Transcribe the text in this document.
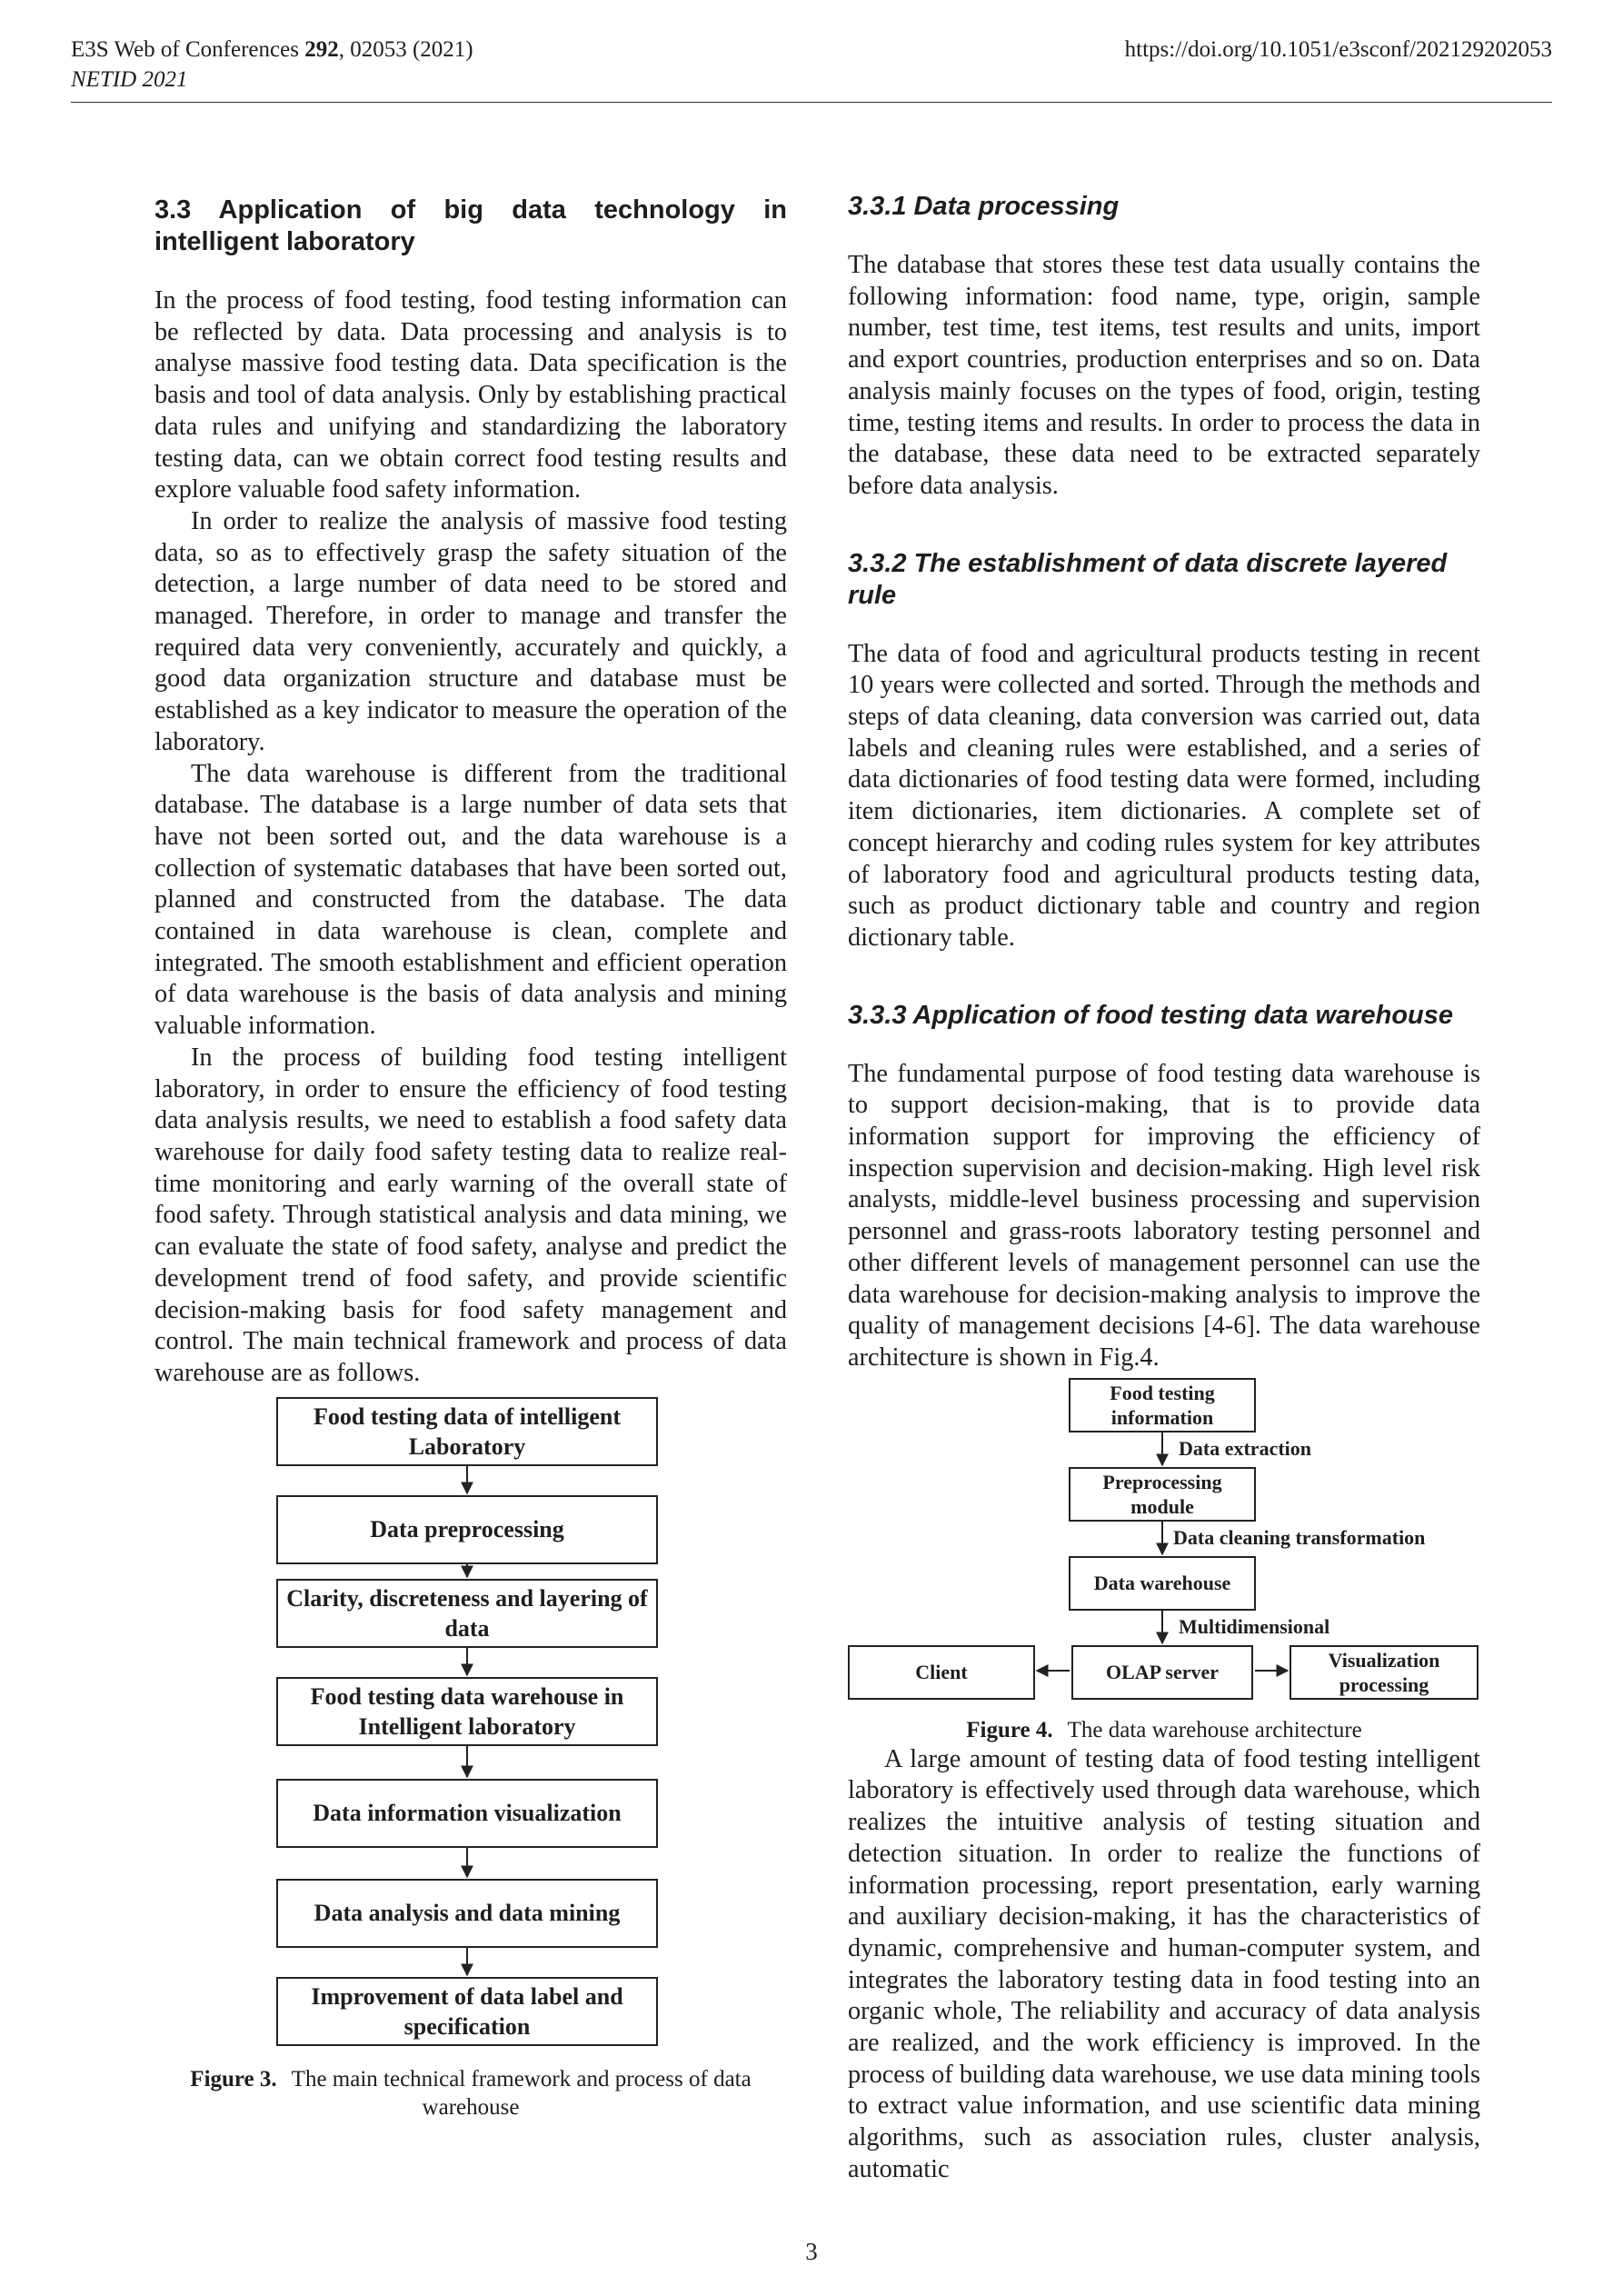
E3S Web of Conferences 292, 02053 (2021)
NETID 2021
https://doi.org/10.1051/e3sconf/202129202053
3.3 Application of big data technology in intelligent laboratory

In the process of food testing, food testing information can be reflected by data. Data processing and analysis is to analyse massive food testing data. Data specification is the basis and tool of data analysis. Only by establishing practical data rules and unifying and standardizing the laboratory testing data, can we obtain correct food testing results and explore valuable food safety information.

In order to realize the analysis of massive food testing data, so as to effectively grasp the safety situation of the detection, a large number of data need to be stored and managed. Therefore, in order to manage and transfer the required data very conveniently, accurately and quickly, a good data organization structure and database must be established as a key indicator to measure the operation of the laboratory.

The data warehouse is different from the traditional database. The database is a large number of data sets that have not been sorted out, and the data warehouse is a collection of systematic databases that have been sorted out, planned and constructed from the database. The data contained in data warehouse is clean, complete and integrated. The smooth establishment and efficient operation of data warehouse is the basis of data analysis and mining valuable information.

In the process of building food testing intelligent laboratory, in order to ensure the efficiency of food testing data analysis results, we need to establish a food safety data warehouse for daily food safety testing data to realize real-time monitoring and early warning of the overall state of food safety. Through statistical analysis and data mining, we can evaluate the state of food safety, analyse and predict the development trend of food safety, and provide scientific decision-making basis for food safety management and control. The main technical framework and process of data warehouse are as follows.

Food testing data of intelligent Laboratory
Data preprocessing
Clarity, discreteness and layering of data
Food testing data warehouse in Intelligent laboratory
Data information visualization
Data analysis and data mining
Improvement of data label and specification

Figure 3. The main technical framework and process of data warehouse

3.3.1 Data processing

The database that stores these test data usually contains the following information: food name, type, origin, sample number, test time, test items, test results and units, import and export countries, production enterprises and so on. Data analysis mainly focuses on the types of food, origin, testing time, testing items and results. In order to process the data in the database, these data need to be extracted separately before data analysis.

3.3.2 The establishment of data discrete layered rule

The data of food and agricultural products testing in recent 10 years were collected and sorted. Through the methods and steps of data cleaning, data conversion was carried out, data labels and cleaning rules were established, and a series of data dictionaries of food testing data were formed, including item dictionaries, item dictionaries. A complete set of concept hierarchy and coding rules system for key attributes of laboratory food and agricultural products testing data, such as product dictionary table and country and region dictionary table.

3.3.3 Application of food testing data warehouse

The fundamental purpose of food testing data warehouse is to support decision-making, that is to provide data information support for improving the efficiency of inspection supervision and decision-making. High level risk analysts, middle-level business processing and supervision personnel and grass-roots laboratory testing personnel and other different levels of management personnel can use the data warehouse for decision-making analysis to improve the quality of management decisions [4-6]. The data warehouse architecture is shown in Fig.4.

Food testing information
Data extraction
Preprocessing module
Data cleaning transformation
Data warehouse
Multidimensional
Client	OLAP server
Visualization processing

Figure 4. The data warehouse architecture

A large amount of testing data of food testing intelligent laboratory is effectively used through data warehouse, which realizes the intuitive analysis of testing situation and detection situation. In order to realize the functions of information processing, report presentation, early warning and auxiliary decision-making, it has the characteristics of dynamic, comprehensive and human-computer system, and integrates the laboratory testing data in food testing into an organic whole, The reliability and accuracy of data analysis are realized, and the work efficiency is improved. In the process of building data warehouse, we use data mining tools to extract value information, and use scientific data mining algorithms, such as association rules, cluster analysis, automatic

3
